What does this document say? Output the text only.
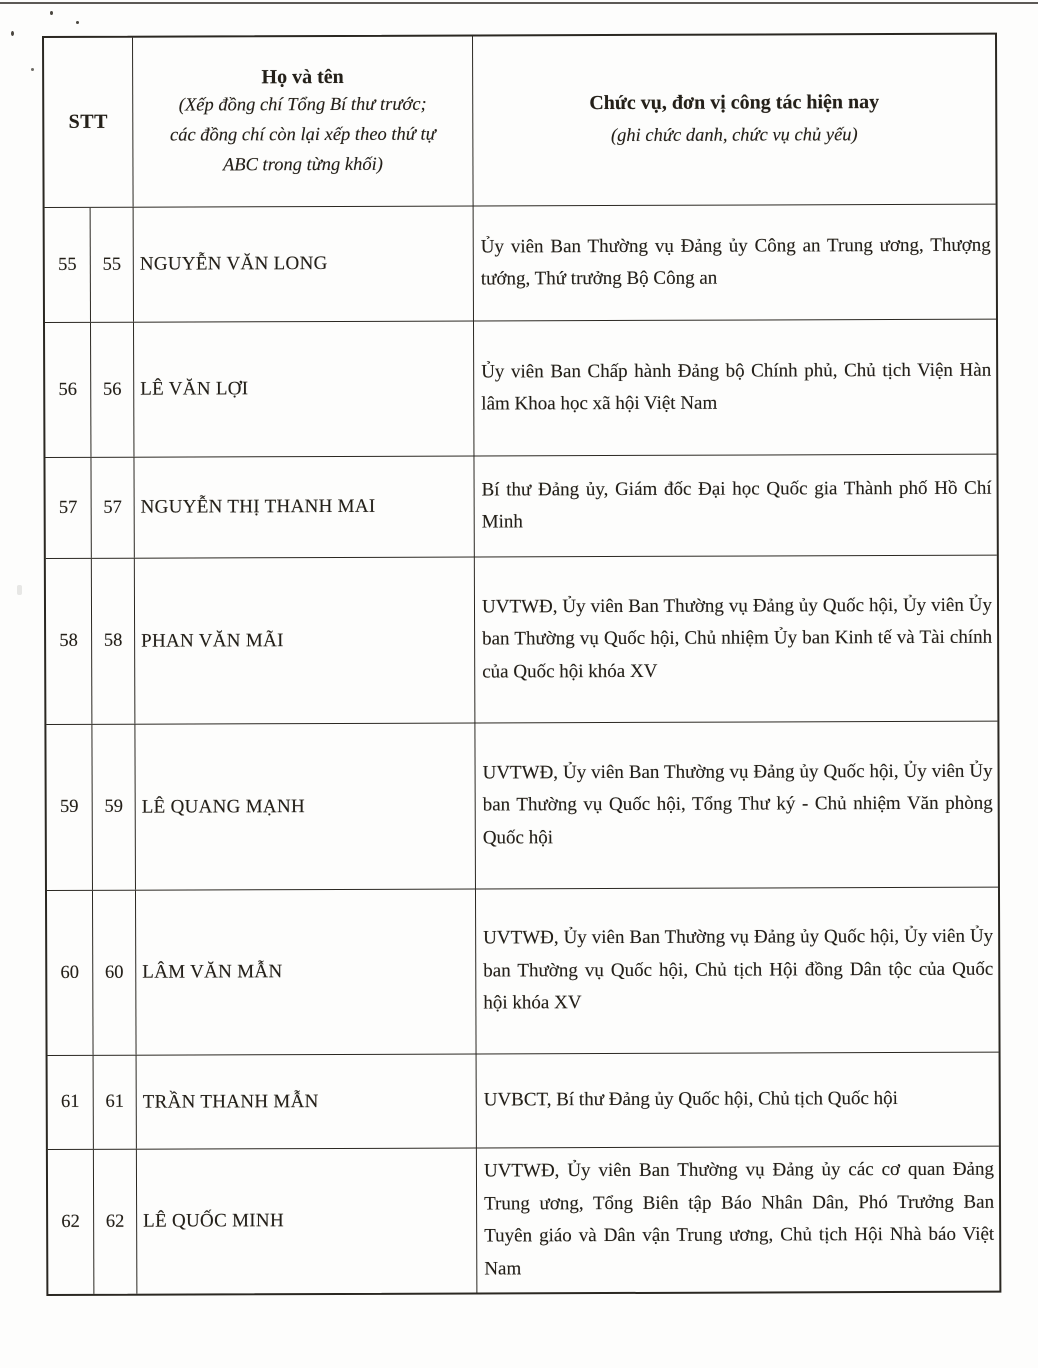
STT
Họ và tên
(Xếp đồng chí Tổng Bí thư trước;
các đồng chí còn lại xếp theo thứ tự
ABC trong từng khối)
Chức vụ, đơn vị công tác hiện nay
(ghi chức danh, chức vụ chủ yếu)
55 55 NGUYỄN VĂN LONG
Ủy viên Ban Thường vụ Đảng ủy Công an Trung ương, Thượng tướng, Thứ trưởng Bộ Công an
56 56 LÊ VĂN LỢI
Ủy viên Ban Chấp hành Đảng bộ Chính phủ, Chủ tịch Viện Hàn lâm Khoa học xã hội Việt Nam
57 57 NGUYỄN THỊ THANH MAI
Bí thư Đảng ủy, Giám đốc Đại học Quốc gia Thành phố Hồ Chí Minh
58 58 PHAN VĂN MÃI
UVTWĐ, Ủy viên Ban Thường vụ Đảng ủy Quốc hội, Ủy viên Ủy ban Thường vụ Quốc hội, Chủ nhiệm Ủy ban Kinh tế và Tài chính của Quốc hội khóa XV
59 59 LÊ QUANG MẠNH
UVTWĐ, Ủy viên Ban Thường vụ Đảng ủy Quốc hội, Ủy viên Ủy ban Thường vụ Quốc hội, Tổng Thư ký - Chủ nhiệm Văn phòng Quốc hội
60 60 LÂM VĂN MẪN
UVTWĐ, Ủy viên Ban Thường vụ Đảng ủy Quốc hội, Ủy viên Ủy ban Thường vụ Quốc hội, Chủ tịch Hội đồng Dân tộc của Quốc hội khóa XV
61 61 TRẦN THANH MẪN	UVBCT, Bí thư Đảng ủy Quốc hội, Chủ tịch Quốc hội
62 62 LÊ QUỐC MINH
UVTWĐ, Ủy viên Ban Thường vụ Đảng ủy các cơ quan Đảng Trung ương, Tổng Biên tập Báo Nhân Dân, Phó Trưởng Ban Tuyên giáo và Dân vận Trung ương, Chủ tịch Hội Nhà báo Việt Nam
